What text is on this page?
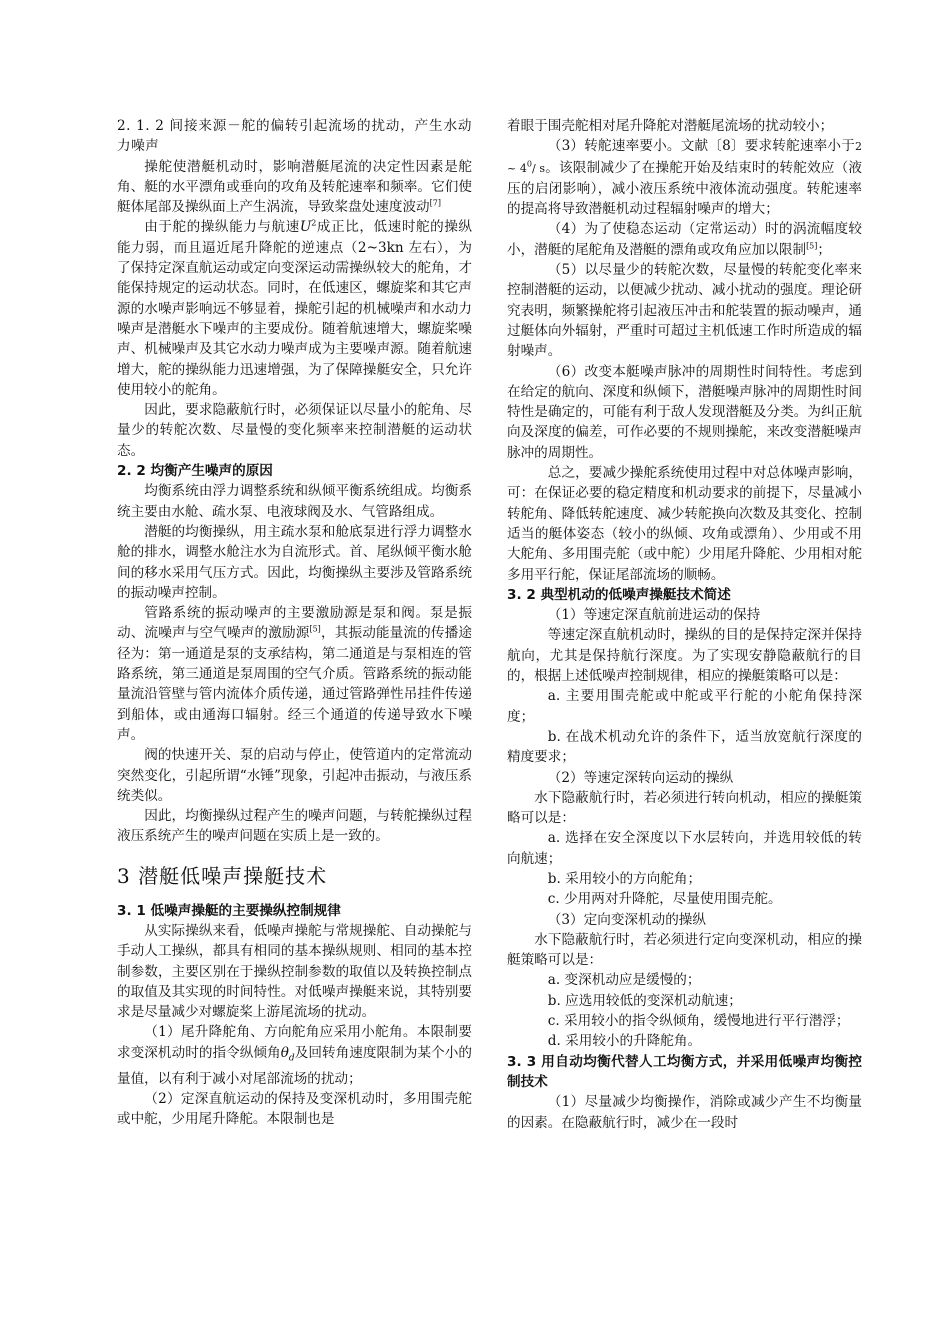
2. 1. 2 间接来源－舵的偏转引起流场的扰动，产生水动力噪声

操舵使潜艇机动时，影响潜艇尾流的决定性因素是舵角、艇的水平漂角或垂向的攻角及转舵速率和频率。它们使艇体尾部及操纵面上产生涡流，导致桨盘处速度波动[7]

由于舵的操纵能力与航速$U^2$成正比，低速时舵的操纵能力弱，而且逼近尾升降舵的逆速点（2~3kn 左右），为了保持定深直航运动或定向变深运动需操纵较大的舵角，才能保持规定的运动状态。同时，在低速区，螺旋桨和其它声源的水噪声影响远不够显着，操舵引起的机械噪声和水动力噪声是潜艇水下噪声的主要成份。随着航速增大，螺旋桨噪声、机械噪声及其它水动力噪声成为主要噪声源。随着航速增大，舵的操纵能力迅速增强，为了保障操艇安全，只允许使用较小的舵角。

因此，要求隐蔽航行时，必须保证以尽量小的舵角、尽量少的转舵次数、尽量慢的变化频率来控制潜艇的运动状态。

2. 2 均衡产生噪声的原因

均衡系统由浮力调整系统和纵倾平衡系统组成。均衡系统主要由水舱、疏水泵、电液球阀及水、气管路组成。

潜艇的均衡操纵，用主疏水泵和舱底泵进行浮力调整水舱的排水，调整水舱注水为自流形式。首、尾纵倾平衡水舱间的移水采用气压方式。因此，均衡操纵主要涉及管路系统的振动噪声控制。

管路系统的振动噪声的主要激励源是泵和阀。泵是振动、流噪声与空气噪声的激励源[5]，其振动能量流的传播途径为：第一通道是泵的支承结构，第二通道是与泵相连的管路系统，第三通道是泵周围的空气介质。管路系统的振动能量流沿管壁与管内流体介质传递，通过管路弹性吊挂件传递到船体，或由通海口辐射。经三个通道的传递导致水下噪声。

阀的快速开关、泵的启动与停止，使管道内的定常流动突然变化，引起所谓“水锤”现象，引起冲击振动，与液压系统类似。

因此，均衡操纵过程产生的噪声问题，与转舵操纵过程液压系统产生的噪声问题在实质上是一致的。

3 潜艇低噪声操艇技术

3. 1 低噪声操艇的主要操纵控制规律

从实际操纵来看，低噪声操舵与常规操舵、自动操舵与手动人工操纵，都具有相同的基本操纵规则、相同的基本控制参数，主要区别在于操纵控制参数的取值以及转换控制点的取值及其实现的时间特性。对低噪声操艇来说，其特别要求是尽量减少对螺旋桨上游尾流场的扰动。

（1）尾升降舵角、方向舵角应采用小舵角。本限制要求变深机动时的指令纵倾角$\theta_d$及回转角速度限制为某个小的量值，以有利于减小对尾部流场的扰动；

（2）定深直航运动的保持及变深机动时，多用围壳舵或中舵，少用尾升降舵。本限制也是

着眼于围壳舵相对尾升降舵对潜艇尾流场的扰动较小；

（3）转舵速率要小。文献〔8〕要求转舵速率小于2 ~ $4^0/$ s。该限制减少了在操舵开始及结束时的转舵效应（液压的启闭影响），减小液压系统中液体流动强度。转舵速率的提高将导致潜艇机动过程辐射噪声的增大；

（4）为了使稳态运动（定常运动）时的涡流幅度较小，潜艇的尾舵角及潜艇的漂角或攻角应加以限制[5]；

（5）以尽量少的转舵次数，尽量慢的转舵变化率来控制潜艇的运动，以便减少扰动、减小扰动的强度。理论研究表明，频繁操舵将引起液压冲击和舵装置的振动噪声，通过艇体向外辐射，严重时可超过主机低速工作时所造成的辐射噪声。

（6）改变本艇噪声脉冲的周期性时间特性。考虑到在给定的航向、深度和纵倾下，潜艇噪声脉冲的周期性时间特性是确定的，可能有利于敌人发现潜艇及分类。为纠正航向及深度的偏差，可作必要的不规则操舵，来改变潜艇噪声脉冲的周期性。

总之，要减少操舵系统使用过程中对总体噪声影响，可：在保证必要的稳定精度和机动要求的前提下，尽量减小转舵角、降低转舵速度、减少转舵换向次数及其变化、控制适当的艇体姿态（较小的纵倾、攻角或漂角）、少用或不用大舵角、多用围壳舵（或中舵）少用尾升降舵、少用相对舵多用平行舵，保证尾部流场的顺畅。

3. 2 典型机动的低噪声操艇技术简述

（1）等速定深直航前进运动的保持

等速定深直航机动时，操纵的目的是保持定深并保持航向，尤其是保持航行深度。为了实现安静隐蔽航行的目的，根据上述低噪声控制规律，相应的操艇策略可以是：

a. 主要用围壳舵或中舵或平行舵的小舵角保持深度；

b. 在战术机动允许的条件下，适当放宽航行深度的精度要求；

（2）等速定深转向运动的操纵

水下隐蔽航行时，若必须进行转向机动，相应的操艇策略可以是：

a. 选择在安全深度以下水层转向，并选用较低的转向航速；

b. 采用较小的方向舵角；

c. 少用两对升降舵，尽量使用围壳舵。

（3）定向变深机动的操纵

水下隐蔽航行时，若必须进行定向变深机动，相应的操艇策略可以是：

a. 变深机动应是缓慢的；

b. 应选用较低的变深机动航速；

c. 采用较小的指令纵倾角，缓慢地进行平行潜浮；

d. 采用较小的升降舵角。

3. 3 用自动均衡代替人工均衡方式，并采用低噪声均衡控制技术

（1）尽量减少均衡操作，消除或减少产生不均衡量的因素。在隐蔽航行时，减少在一段时
